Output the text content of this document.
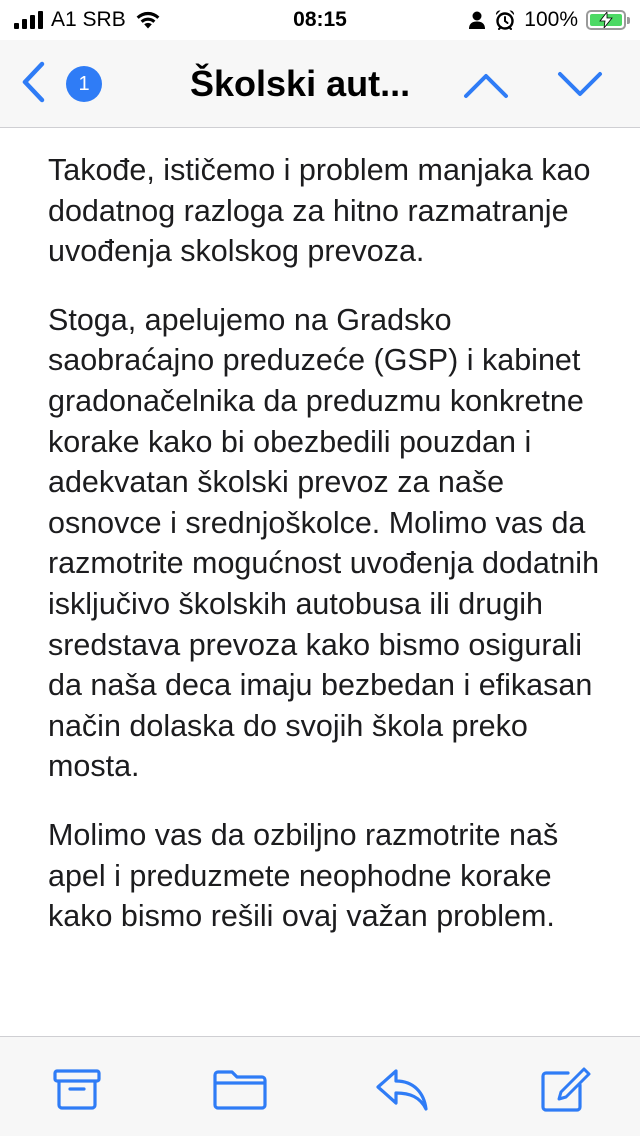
A1 SRB	08:15	100%
1	Školski aut...

Takođe, ističemo i problem manjaka kao dodatnog razloga za hitno razmatranje uvođenja skolskog prevoza.

Stoga, apelujemo na Gradsko saobraćajno preduzeće (GSP) i kabinet gradonačelnika da preduzmu konkretne korake kako bi obezbedili pouzdan i adekvatan školski prevoz za naše osnovce i srednjoškolce. Molimo vas da razmotrite mogućnost uvođenja dodatnih isključivo školskih autobusa ili drugih sredstava prevoza kako bismo osigurali da naša deca imaju bezbedan i efikasan način dolaska do svojih škola preko mosta.

Molimo vas da ozbiljno razmotrite naš apel i preduzmete neophodne korake kako bismo rešili ovaj važan problem.
